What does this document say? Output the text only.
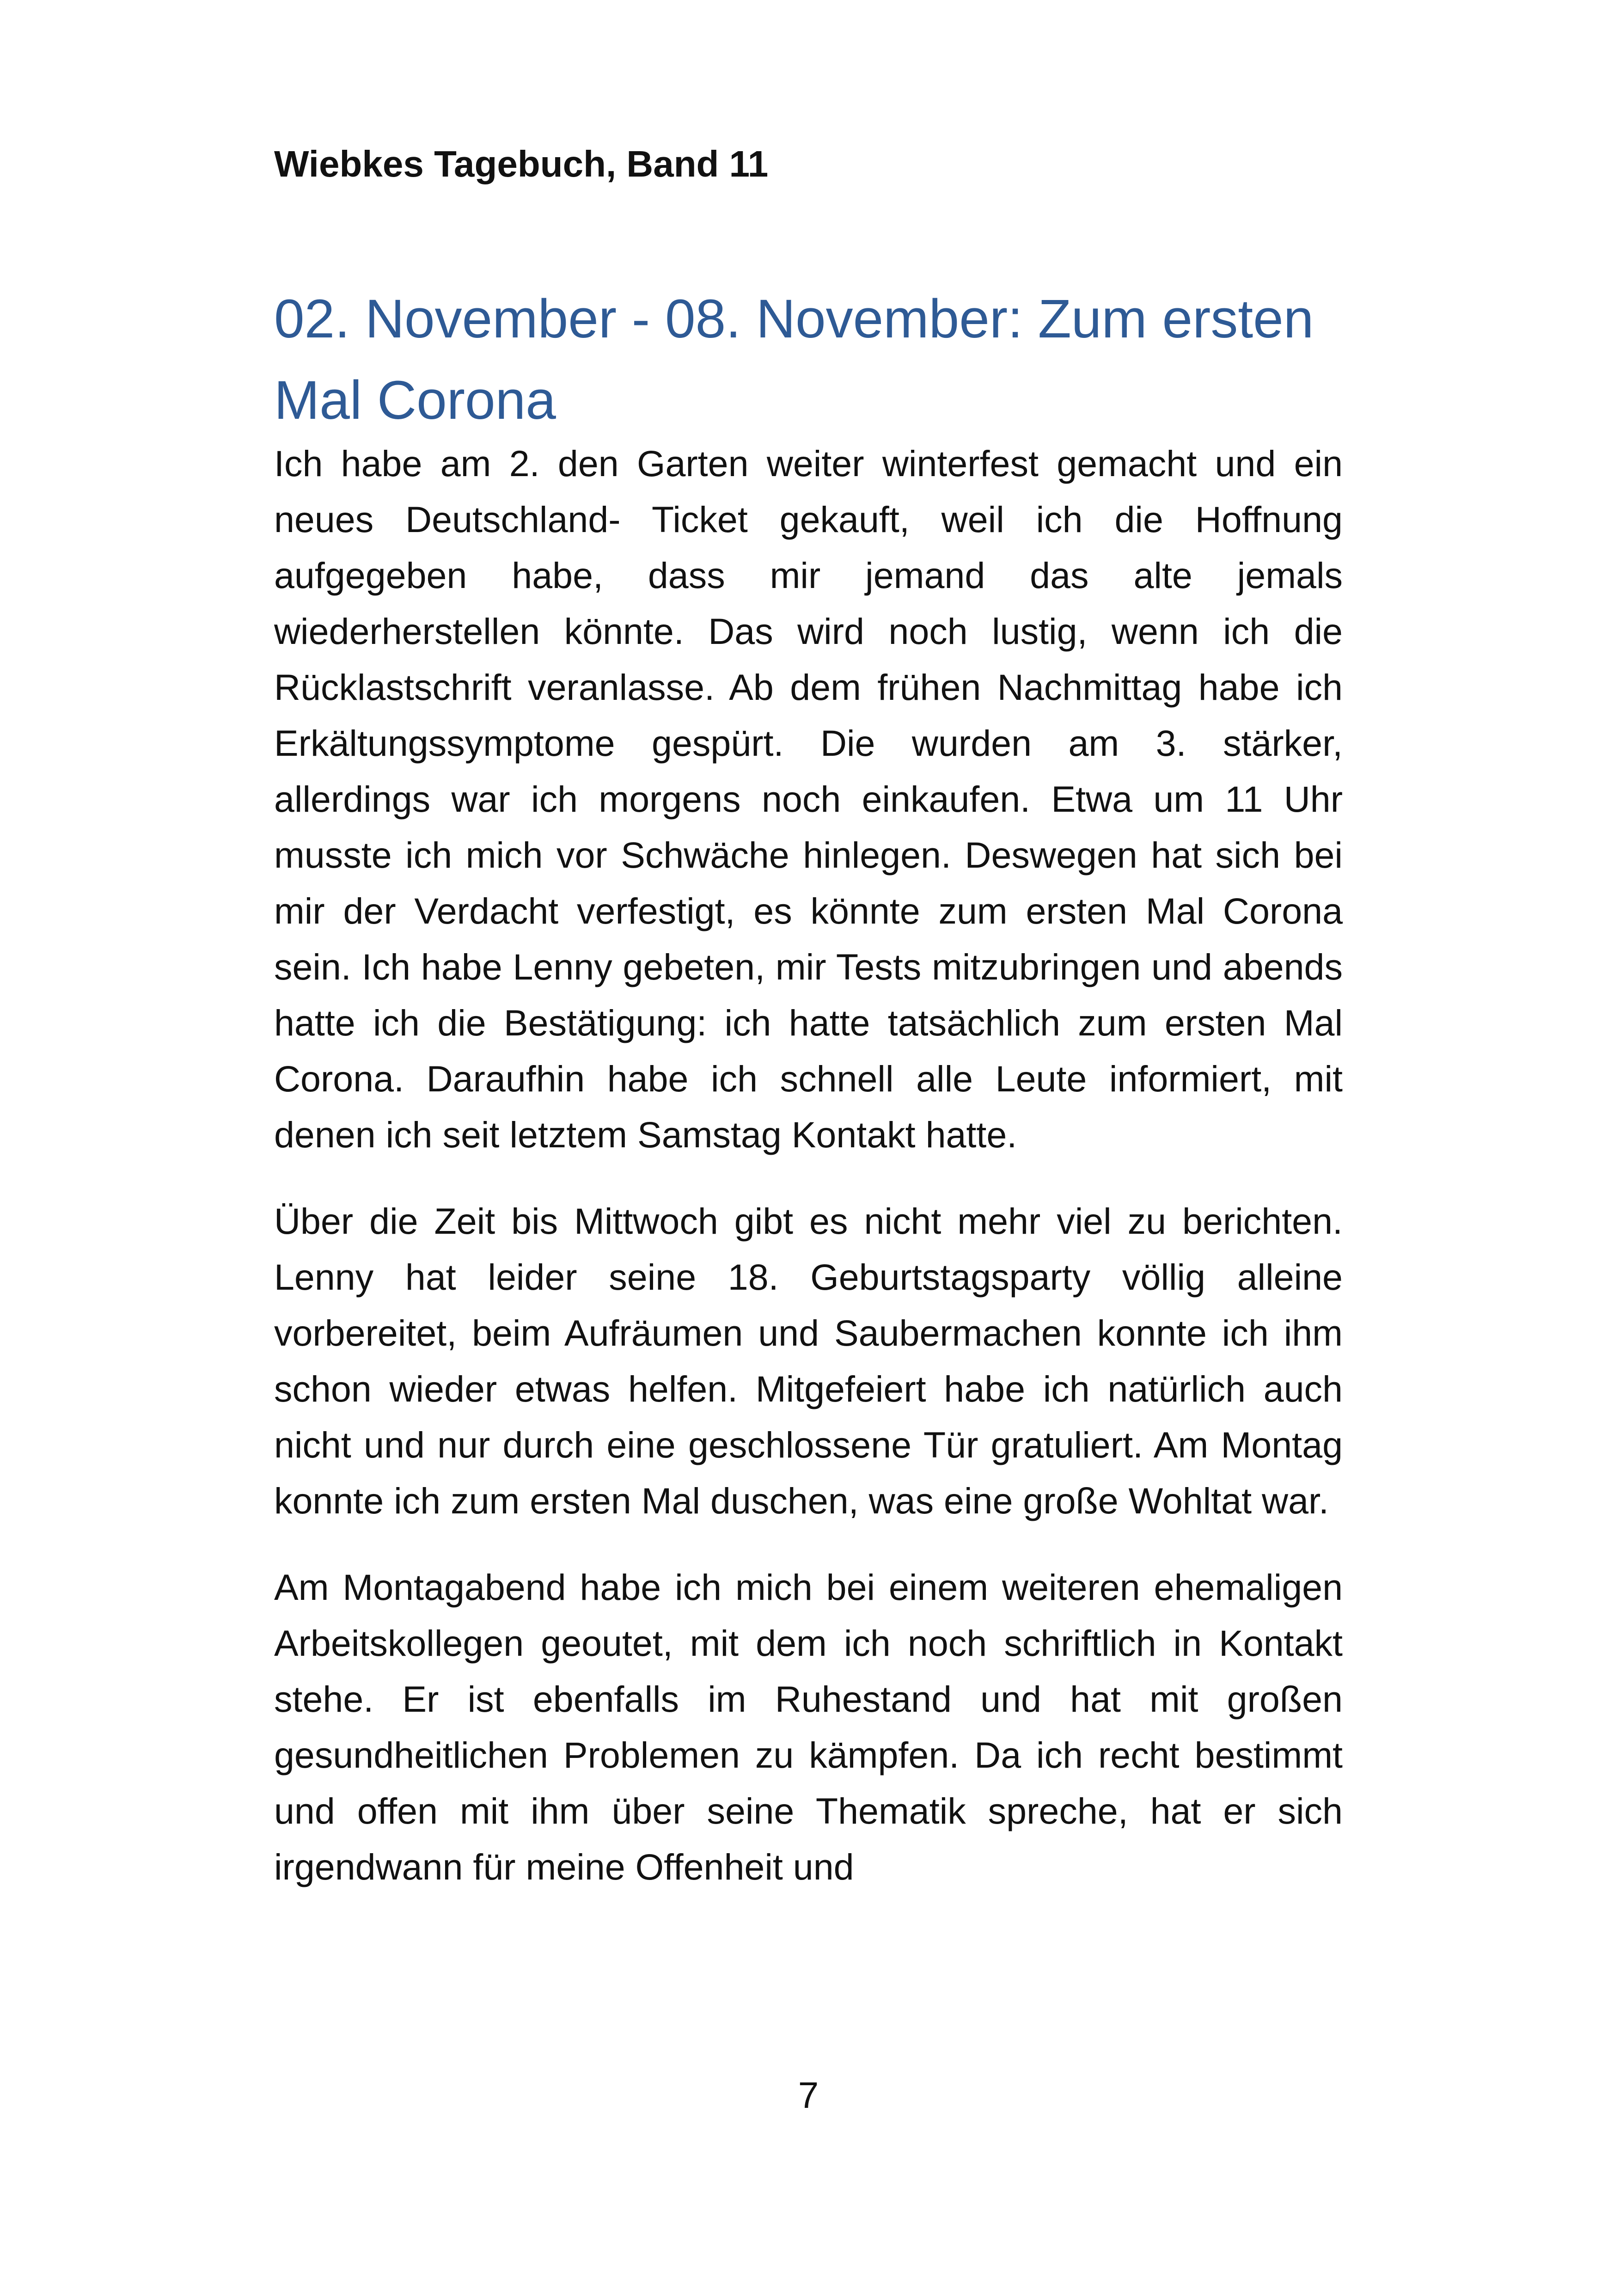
Wiebkes Tagebuch, Band 11

02. November - 08. November: Zum ersten Mal Corona

Ich habe am 2. den Garten weiter winterfest gemacht und ein neues Deutschland- Ticket gekauft, weil ich die Hoffnung aufgegeben habe, dass mir jemand das alte jemals wiederherstellen könnte. Das wird noch lustig, wenn ich die Rücklastschrift veranlasse. Ab dem frühen Nachmittag habe ich Erkältungssymptome gespürt. Die wurden am 3. stärker, allerdings war ich morgens noch einkaufen. Etwa um 11 Uhr musste ich mich vor Schwäche hinlegen. Deswegen hat sich bei mir der Verdacht verfestigt, es könnte zum ersten Mal Corona sein. Ich habe Lenny gebeten, mir Tests mitzubringen und abends hatte ich die Bestätigung: ich hatte tatsächlich zum ersten Mal Corona. Daraufhin habe ich schnell alle Leute informiert, mit denen ich seit letztem Samstag Kontakt hatte.

Über die Zeit bis Mittwoch gibt es nicht mehr viel zu berichten. Lenny hat leider seine 18. Geburtstagsparty völlig alleine vorbereitet, beim Aufräumen und Saubermachen konnte ich ihm schon wieder etwas helfen. Mitgefeiert habe ich natürlich auch nicht und nur durch eine geschlossene Tür gratuliert. Am Montag konnte ich zum ersten Mal duschen, was eine große Wohltat war.

Am Montagabend habe ich mich bei einem weiteren ehemaligen Arbeitskollegen geoutet, mit dem ich noch schriftlich in Kontakt stehe. Er ist ebenfalls im Ruhestand und hat mit großen gesundheitlichen Problemen zu kämpfen. Da ich recht bestimmt und offen mit ihm über seine Thematik spreche, hat er sich irgendwann für meine Offenheit und

7
